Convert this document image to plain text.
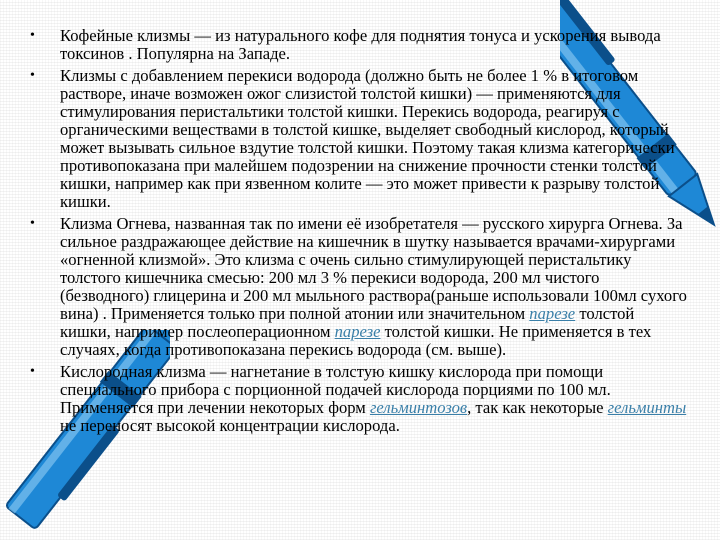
• Кофейные клизмы — из натурального кофе для поднятия тонуса и ускорения вывода токсинов . Популярна на Западе.
• Клизмы с добавлением перекиси водорода (должно быть не более 1 % в итоговом растворе, иначе возможен ожог слизистой толстой кишки) — применяются для стимулирования перистальтики толстой кишки. Перекись водорода, реагируя с органическими веществами в толстой кишке, выделяет свободный кислород, который может вызывать сильное вздутие толстой кишки. Поэтому такая клизма категорически противопоказана при малейшем подозрении на снижение прочности стенки толстой кишки, например как при язвенном колите — это может привести к разрыву толстой кишки.
• Клизма Огнева, названная так по имени её изобретателя — русского хирурга Огнева. За сильное раздражающее действие на кишечник в шутку называется врачами-хирургами «огненной клизмой». Это клизма с очень сильно стимулирующей перистальтику толстого кишечника смесью: 200 мл 3 % перекиси водорода, 200 мл чистого (безводного) глицерина и 200 мл мыльного раствора(раньше использовали 100мл сухого вина) . Применяется только при полной атонии или значительном парезе толстой кишки, например послеоперационном парезе толстой кишки. Не применяется в тех случаях, когда противопоказана перекись водорода (см. выше).
• Кислородная клизма — нагнетание в толстую кишку кислорода при помощи специального прибора с порционной подачей кислорода порциями по 100 мл. Применяется при лечении некоторых форм гельминтозов, так как некоторые гельминты не переносят высокой концентрации кислорода.
